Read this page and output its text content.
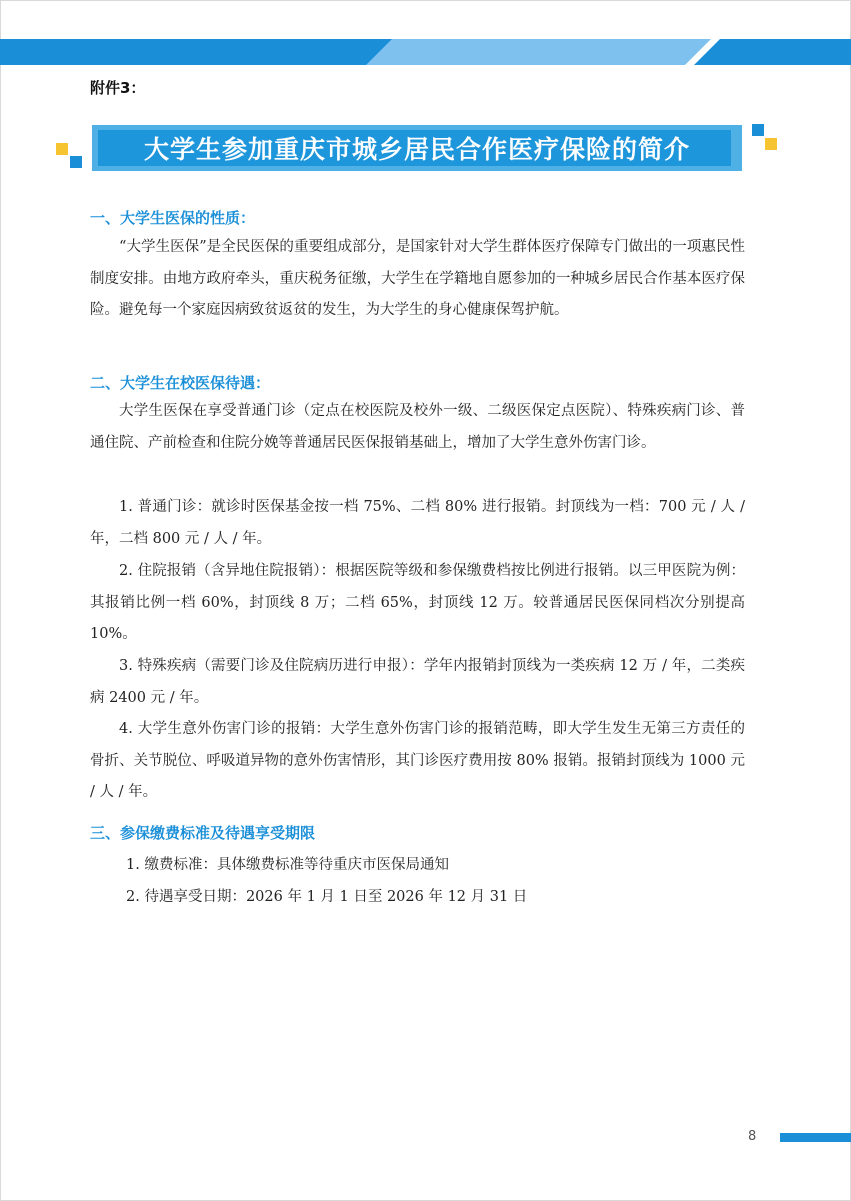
附件3：
大学生参加重庆市城乡居民合作医疗保险的简介
一、大学生医保的性质：

“大学生医保”是全民医保的重要组成部分，是国家针对大学生群体医疗保障专门做出的一项惠民性制度安排。由地方政府牵头，重庆税务征缴，大学生在学籍地自愿参加的一种城乡居民合作基本医疗保险。避免每一个家庭因病致贫返贫的发生，为大学生的身心健康保驾护航。

二、大学生在校医保待遇：

大学生医保在享受普通门诊（定点在校医院及校外一级、二级医保定点医院）、特殊疾病门诊、普通住院、产前检查和住院分娩等普通居民医保报销基础上，增加了大学生意外伤害门诊。

1. 普通门诊：就诊时医保基金按一档 75%、二档 80% 进行报销。封顶线为一档：700 元 / 人 / 年，二档 800 元 / 人 / 年。

2. 住院报销（含异地住院报销）：根据医院等级和参保缴费档按比例进行报销。以三甲医院为例：其报销比例一档 60%，封顶线 8 万；二档 65%，封顶线 12 万。较普通居民医保同档次分别提高 10%。

3. 特殊疾病（需要门诊及住院病历进行申报）：学年内报销封顶线为一类疾病 12 万 / 年，二类疾病 2400 元 / 年。

4. 大学生意外伤害门诊的报销：大学生意外伤害门诊的报销范畴，即大学生发生无第三方责任的骨折、关节脱位、呼吸道异物的意外伤害情形，其门诊医疗费用按 80% 报销。报销封顶线为 1000 元 / 人 / 年。

三、参保缴费标准及待遇享受期限
1. 缴费标准：具体缴费标准等待重庆市医保局通知
2. 待遇享受日期：2026 年 1 月 1 日至 2026 年 12 月 31 日
8
